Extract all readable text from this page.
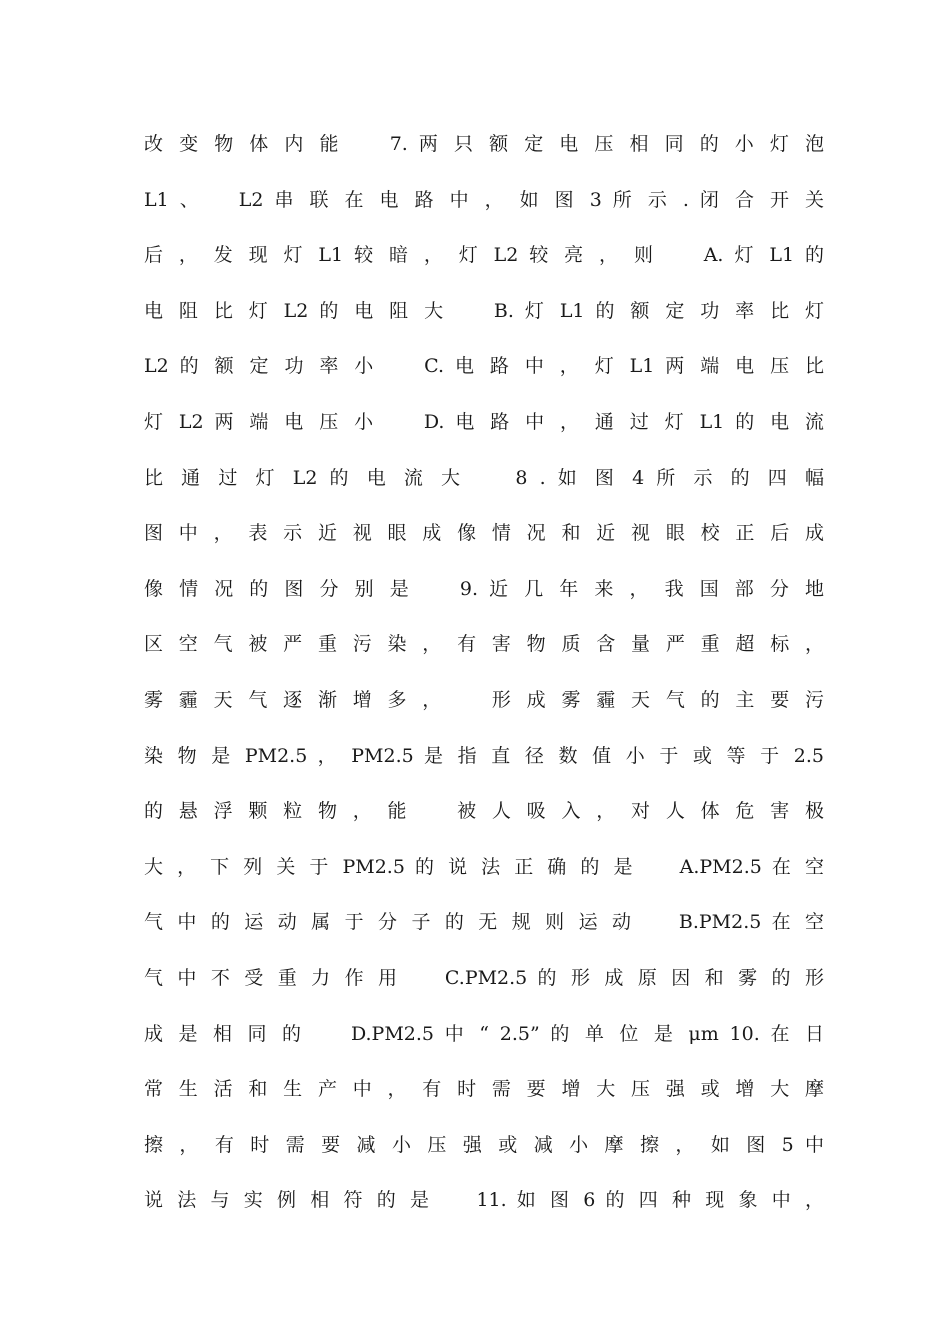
改 变 物 体 内 能 　 7. 两 只 额 定 电 压 相 同 的 小 灯 泡
L1 、 　L2 串 联 在 电 路 中 ， 如 图 3 所 示 . 闭 合 开 关
后 ， 发 现 灯 L1 较 暗 ， 灯 L2 较 亮 ， 则 　 A. 灯 L1 的
电 阻 比 灯 L2 的 电 阻 大 　 B. 灯 L1 的 额 定 功 率 比 灯
L2 的 额 定 功 率 小 　 C. 电 路 中 ， 灯 L1 两 端 电 压 比
灯 L2 两 端 电 压 小 　 D. 电 路 中 ， 通 过 灯 L1 的 电 流
比 通 过 灯 L2 的 电 流 大 　 8 . 如 图 4 所 示 的 四 幅
图 中 ， 表 示 近 视 眼 成 像 情 况 和 近 视 眼 校 正 后 成
像 情 况 的 图 分 别 是 　 9. 近 几 年 来 ， 我 国 部 分 地
区 空 气 被 严 重 污 染 ， 有 害 物 质 含 量 严 重 超 标 ，
雾 霾 天 气 逐 渐 增 多 ， 　 形 成 雾 霾 天 气 的 主 要 污
染 物 是 PM2.5 ， PM2.5 是 指 直 径 数 值 小 于 或 等 于 2.5
的 悬 浮 颗 粒 物 ， 能 　 被 人 吸 入 ， 对 人 体 危 害 极
大 ， 下 列 关 于 PM2.5 的 说 法 正 确 的 是 　 A.PM2.5 在 空
气 中 的 运 动 属 于 分 子 的 无 规 则 运 动 　 B.PM2.5 在 空
气 中 不 受 重 力 作 用 　 C.PM2.5 的 形 成 原 因 和 雾 的 形
成 是 相 同 的 　 D.PM2.5 中 “ 2.5” 的 单 位 是 μm 10. 在 日
常 生 活 和 生 产 中 ， 有 时 需 要 增 大 压 强 或 增 大 摩
擦 ， 有 时 需 要 减 小 压 强 或 减 小 摩 擦 ， 如 图 5 中
说 法 与 实 例 相 符 的 是 　 11. 如 图 6 的 四 种 现 象 中 ，
